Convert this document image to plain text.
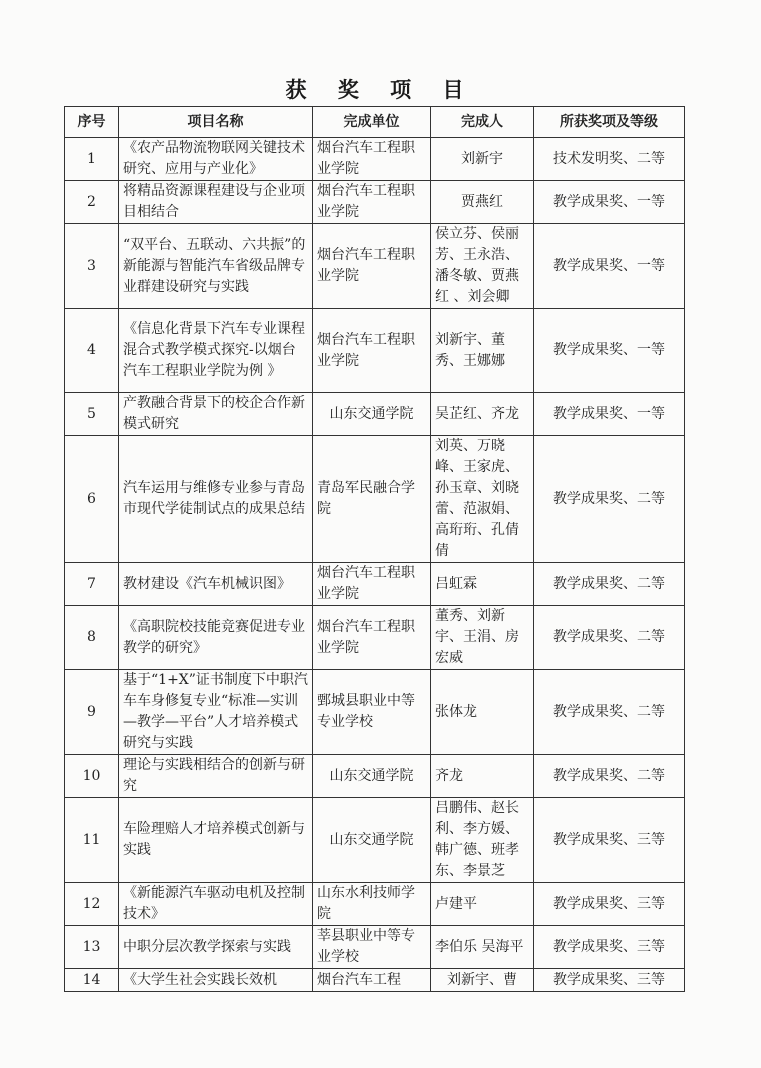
获 奖 项 目
序号	项目名称	完成单位	完成人	所获奖项及等级
1	《农产品物流物联网关键技术研究、应用与产业化》	烟台汽车工程职业学院	刘新宇	技术发明奖、二等
2	将精品资源课程建设与企业项目相结合	烟台汽车工程职业学院	贾燕红	教学成果奖、一等
3	“双平台、五联动、六共振”的新能源与智能汽车省级品牌专业群建设研究与实践	烟台汽车工程职业学院	侯立芬、侯丽芳、王永浩、潘冬敏、贾燕红 、刘会卿	教学成果奖、一等
4	《信息化背景下汽车专业课程混合式教学模式探究-以烟台汽车工程职业学院为例 》	烟台汽车工程职业学院	刘新宇、董秀、王娜娜	教学成果奖、一等
5	产教融合背景下的校企合作新模式研究	山东交通学院	吴芷红、齐龙	教学成果奖、一等
6	汽车运用与维修专业参与青岛市现代学徒制试点的成果总结	青岛军民融合学院	刘英、万晓峰、王家虎、孙玉章、刘晓蕾、范淑娟、高珩珩、孔倩倩	教学成果奖、二等
7	教材建设《汽车机械识图》	烟台汽车工程职业学院	吕虹霖	教学成果奖、二等
8	《高职院校技能竞赛促进专业教学的研究》	烟台汽车工程职业学院	董秀、刘新宇、王涓、房宏威	教学成果奖、二等
9	基于“1+X”证书制度下中职汽车车身修复专业“标准—实训—教学—平台”人才培养模式研究与实践	鄄城县职业中等专业学校	张体龙	教学成果奖、二等
10	理论与实践相结合的创新与研究	山东交通学院	齐龙	教学成果奖、二等
11	车险理赔人才培养模式创新与实践	山东交通学院	吕鹏伟、赵长利、李方媛、韩广德、班孝东、李景芝	教学成果奖、三等
12	《新能源汽车驱动电机及控制技术》	山东水利技师学院	卢建平	教学成果奖、三等
13	中职分层次教学探索与实践	莘县职业中等专业学校	李伯乐 吴海平	教学成果奖、三等
14	《大学生社会实践长效机	烟台汽车工程	刘新宇、曹	教学成果奖、三等
